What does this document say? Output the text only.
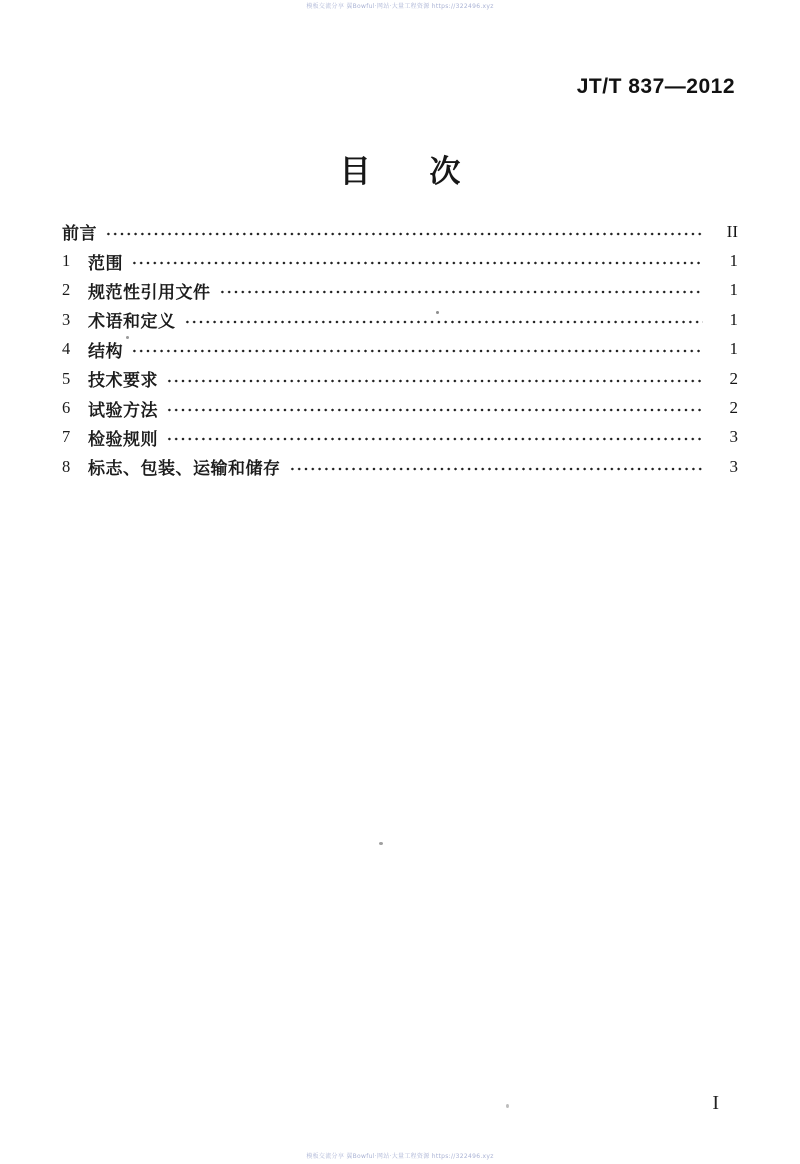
模板交流分享 翼Bowful·网站·大量工程资源 https://322496.xyz
JT/T 837—2012
目 次
前言	II
1	范围	1
2	规范性引用文件	1
3	术语和定义	1
4	结构	1
5	技术要求	2
6	试验方法	2
7	检验规则	3
8	标志、包装、运输和储存	3
I
模板交流分享 翼Bowful·网站·大量工程资源 https://322496.xyz
